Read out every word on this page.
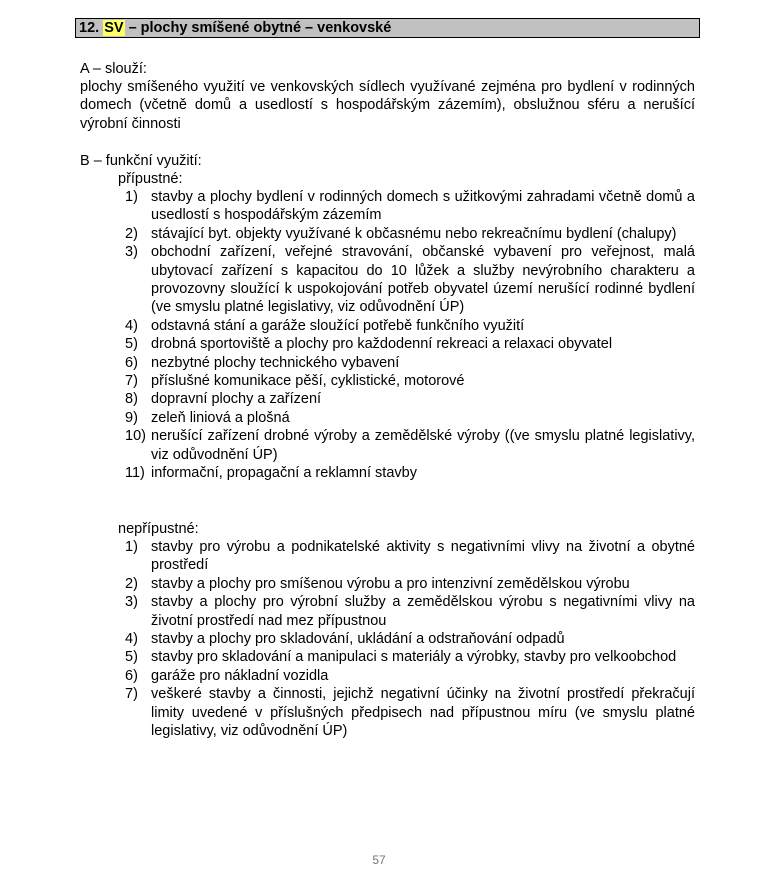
12. SV – plochy smíšené obytné – venkovské
A – slouží:
plochy smíšeného využití ve venkovských sídlech využívané zejména pro bydlení v rodinných domech (včetně domů a usedlostí s hospodářským zázemím), obslužnou sféru a nerušící výrobní činnosti
B – funkční využití:
přípustné:
1) stavby a plochy bydlení v rodinných domech s užitkovými zahradami včetně domů a usedlostí s hospodářským zázemím
2) stávající byt. objekty využívané k občasnému nebo rekreačnímu bydlení (chalupy)
3) obchodní zařízení, veřejné stravování, občanské vybavení pro veřejnost, malá ubytovací zařízení s kapacitou do 10 lůžek a služby nevýrobního charakteru a provozovny sloužící k uspokojování potřeb obyvatel území nerušící rodinné bydlení (ve smyslu platné legislativy, viz odůvodnění ÚP)
4) odstavná stání a garáže sloužící potřebě funkčního využití
5) drobná sportoviště a plochy pro každodenní rekreaci a relaxaci obyvatel
6) nezbytné plochy technického vybavení
7) příslušné komunikace pěší, cyklistické, motorové
8) dopravní plochy a zařízení
9) zeleň liniová a plošná
10) nerušící zařízení drobné výroby a zemědělské výroby ((ve smyslu platné legislativy, viz odůvodnění ÚP)
11) informační, propagační a reklamní stavby
nepřípustné:
1) stavby pro výrobu a podnikatelské aktivity s negativními vlivy na životní a obytné prostředí
2) stavby a plochy pro smíšenou výrobu a pro intenzivní zemědělskou výrobu
3) stavby a plochy pro výrobní služby a zemědělskou výrobu s negativními vlivy na životní prostředí nad mez přípustnou
4) stavby a plochy pro skladování, ukládání a odstraňování odpadů
5) stavby pro skladování a manipulaci s materiály a výrobky, stavby pro velkoobchod
6) garáže pro nákladní vozidla
7) veškeré stavby a činnosti, jejichž negativní účinky na životní prostředí překračují limity uvedené v příslušných předpisech nad přípustnou míru (ve smyslu platné legislativy, viz odůvodnění ÚP)
57
